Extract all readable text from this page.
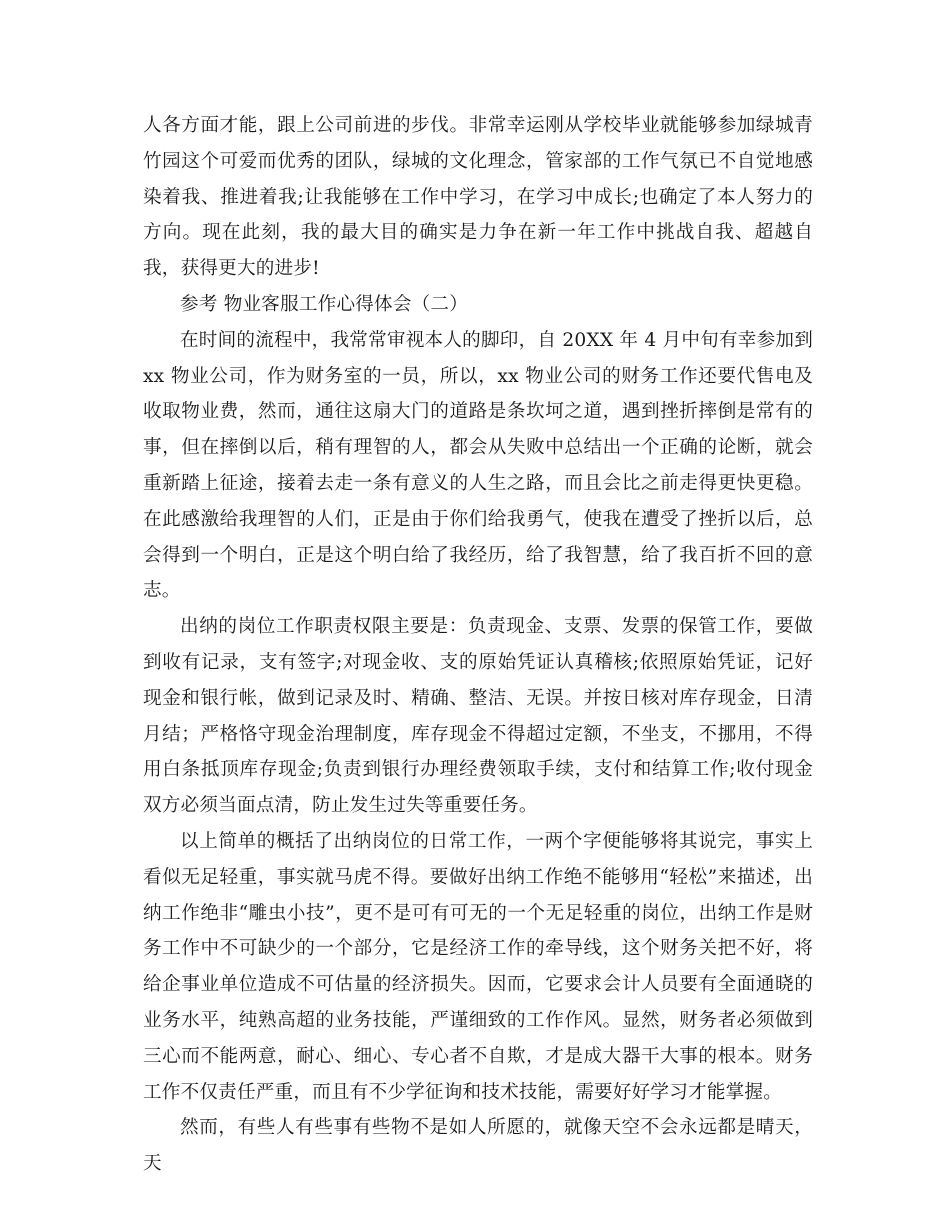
人各方面才能，跟上公司前进的步伐。非常幸运刚从学校毕业就能够参加绿城青竹园这个可爱而优秀的团队，绿城的文化理念，管家部的工作气氛已不自觉地感染着我、推进着我;让我能够在工作中学习，在学习中成长;也确定了本人努力的方向。现在此刻，我的最大目的确实是力争在新一年工作中挑战自我、超越自我，获得更大的进步!

参考 物业客服工作心得体会（二）

在时间的流程中，我常常审视本人的脚印，自 20XX 年 4 月中旬有幸参加到 xx 物业公司，作为财务室的一员，所以，xx 物业公司的财务工作还要代售电及收取物业费，然而，通往这扇大门的道路是条坎坷之道，遇到挫折摔倒是常有的事，但在摔倒以后，稍有理智的人，都会从失败中总结出一个正确的论断，就会重新踏上征途，接着去走一条有意义的人生之路，而且会比之前走得更快更稳。在此感激给我理智的人们，正是由于你们给我勇气，使我在遭受了挫折以后，总会得到一个明白，正是这个明白给了我经历，给了我智慧，给了我百折不回的意志。

出纳的岗位工作职责权限主要是：负责现金、支票、发票的保管工作，要做到收有记录，支有签字;对现金收、支的原始凭证认真稽核;依照原始凭证，记好现金和银行帐，做到记录及时、精确、整洁、无误。并按日核对库存现金，日清月结；严格恪守现金治理制度，库存现金不得超过定额，不坐支，不挪用，不得用白条抵顶库存现金;负责到银行办理经费领取手续，支付和结算工作;收付现金双方必须当面点清，防止发生过失等重要任务。

以上简单的概括了出纳岗位的日常工作，一两个字便能够将其说完，事实上看似无足轻重，事实就马虎不得。要做好出纳工作绝不能够用“轻松”来描述，出纳工作绝非“雕虫小技”，更不是可有可无的一个无足轻重的岗位，出纳工作是财务工作中不可缺少的一个部分，它是经济工作的牵导线，这个财务关把不好，将给企事业单位造成不可估量的经济损失。因而，它要求会计人员要有全面通晓的业务水平，纯熟高超的业务技能，严谨细致的工作作风。显然，财务者必须做到三心而不能两意，耐心、细心、专心者不自欺，才是成大器干大事的根本。财务工作不仅责任严重，而且有不少学征询和技术技能，需要好好学习才能掌握。

然而，有些人有些事有些物不是如人所愿的，就像天空不会永远都是晴天，天
